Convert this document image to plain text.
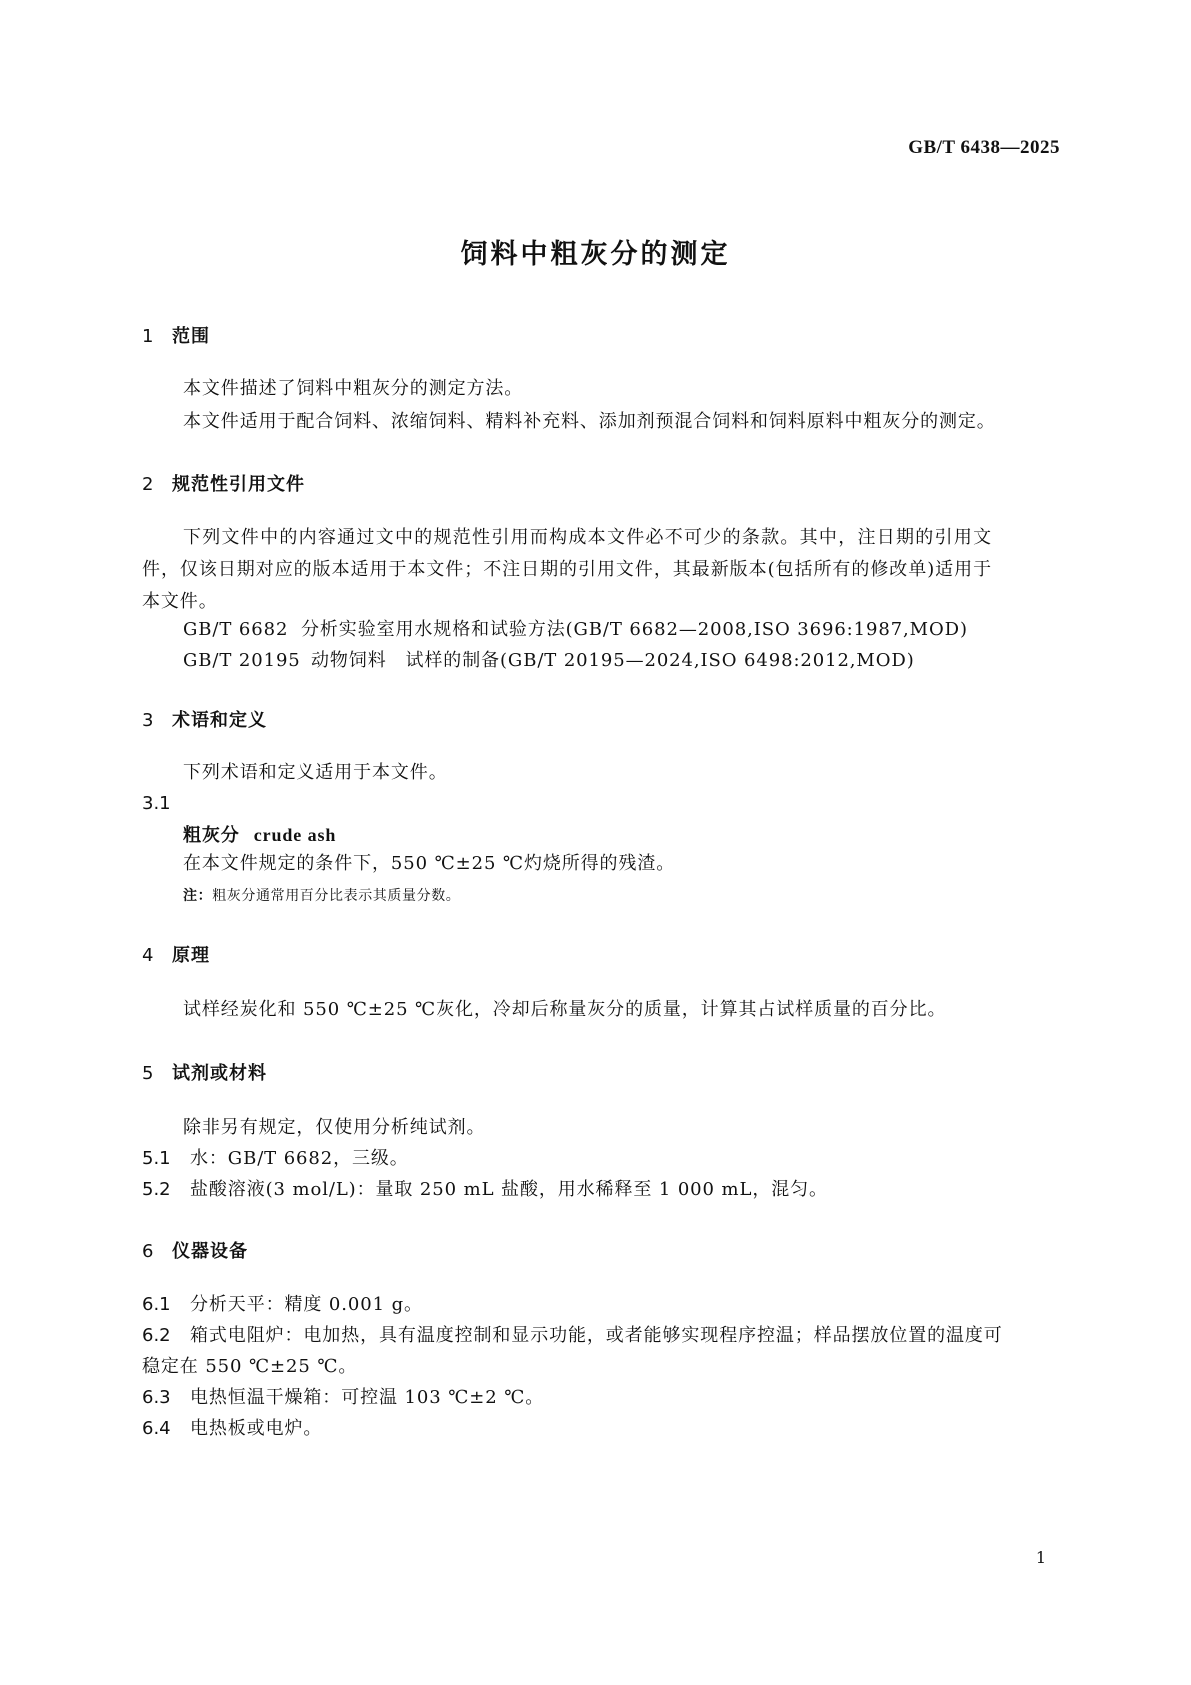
GB/T 6438—2025
饲料中粗灰分的测定
1 范围
本文件描述了饲料中粗灰分的测定方法。
本文件适用于配合饲料、浓缩饲料、精料补充料、添加剂预混合饲料和饲料原料中粗灰分的测定。
2 规范性引用文件
下列文件中的内容通过文中的规范性引用而构成本文件必不可少的条款。其中，注日期的引用文件，仅该日期对应的版本适用于本文件；不注日期的引用文件，其最新版本(包括所有的修改单)适用于本文件。
GB/T 6682 分析实验室用水规格和试验方法(GB/T 6682—2008,ISO 3696:1987,MOD)
GB/T 20195 动物饲料　试样的制备(GB/T 20195—2024,ISO 6498:2012,MOD)
3 术语和定义
下列术语和定义适用于本文件。
3.1
粗灰分 crude ash
在本文件规定的条件下，550 ℃±25 ℃灼烧所得的残渣。
注：粗灰分通常用百分比表示其质量分数。
4 原理
试样经炭化和 550 ℃±25 ℃灰化，冷却后称量灰分的质量，计算其占试样质量的百分比。
5 试剂或材料
除非另有规定，仅使用分析纯试剂。
5.1 水：GB/T 6682，三级。
5.2 盐酸溶液(3 mol/L)：量取 250 mL 盐酸，用水稀释至 1 000 mL，混匀。
6 仪器设备
6.1 分析天平：精度 0.001 g。
6.2 箱式电阻炉：电加热，具有温度控制和显示功能，或者能够实现程序控温；样品摆放位置的温度可
稳定在 550 ℃±25 ℃。
6.3 电热恒温干燥箱：可控温 103 ℃±2 ℃。
6.4 电热板或电炉。
1
